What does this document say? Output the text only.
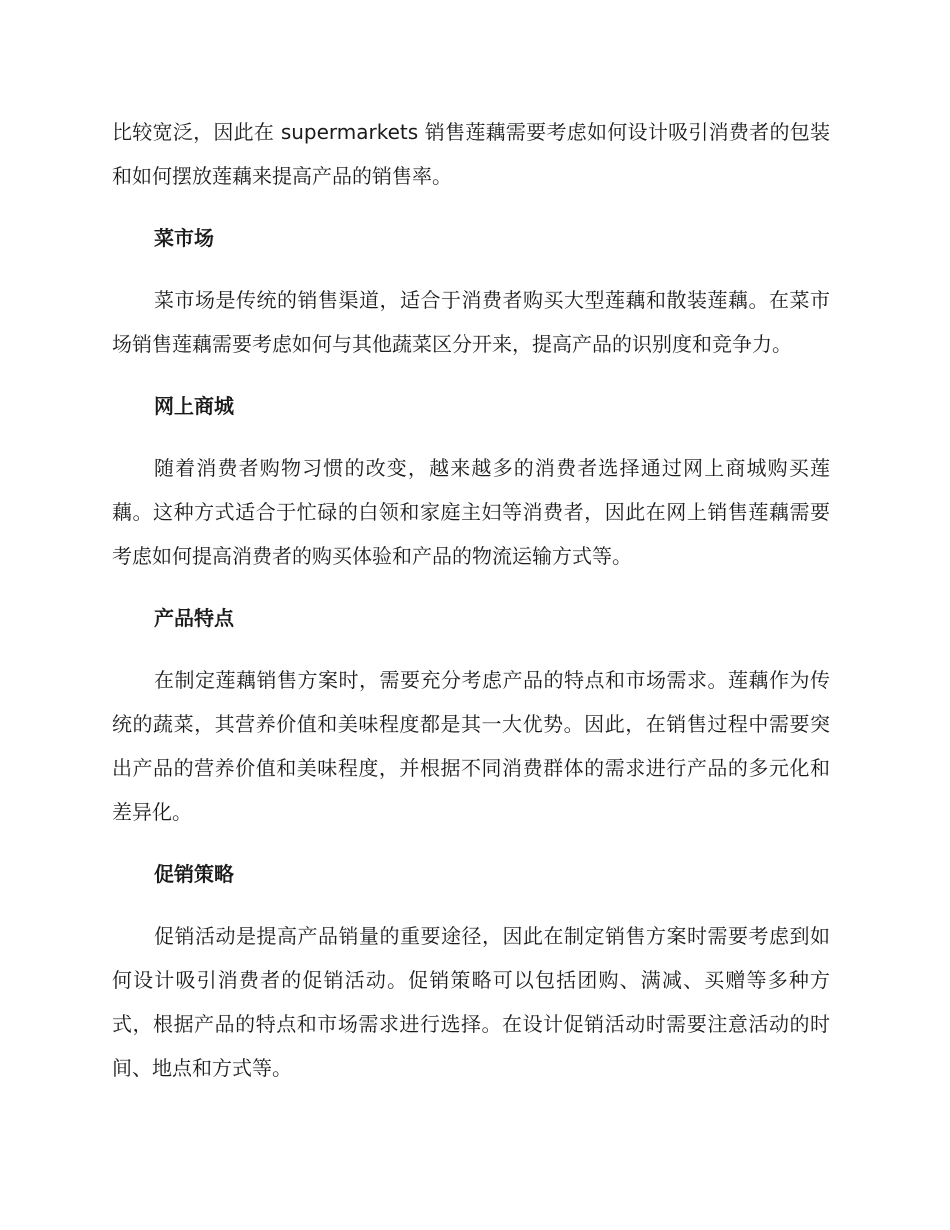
比较宽泛，因此在 supermarkets 销售莲藕需要考虑如何设计吸引消费者的包装和如何摆放莲藕来提高产品的销售率。

菜市场

菜市场是传统的销售渠道，适合于消费者购买大型莲藕和散装莲藕。在菜市场销售莲藕需要考虑如何与其他蔬菜区分开来，提高产品的识别度和竞争力。

网上商城

随着消费者购物习惯的改变，越来越多的消费者选择通过网上商城购买莲藕。这种方式适合于忙碌的白领和家庭主妇等消费者，因此在网上销售莲藕需要考虑如何提高消费者的购买体验和产品的物流运输方式等。

产品特点

在制定莲藕销售方案时，需要充分考虑产品的特点和市场需求。莲藕作为传统的蔬菜，其营养价值和美味程度都是其一大优势。因此，在销售过程中需要突出产品的营养价值和美味程度，并根据不同消费群体的需求进行产品的多元化和差异化。

促销策略

促销活动是提高产品销量的重要途径，因此在制定销售方案时需要考虑到如何设计吸引消费者的促销活动。促销策略可以包括团购、满减、买赠等多种方式，根据产品的特点和市场需求进行选择。在设计促销活动时需要注意活动的时间、地点和方式等。
